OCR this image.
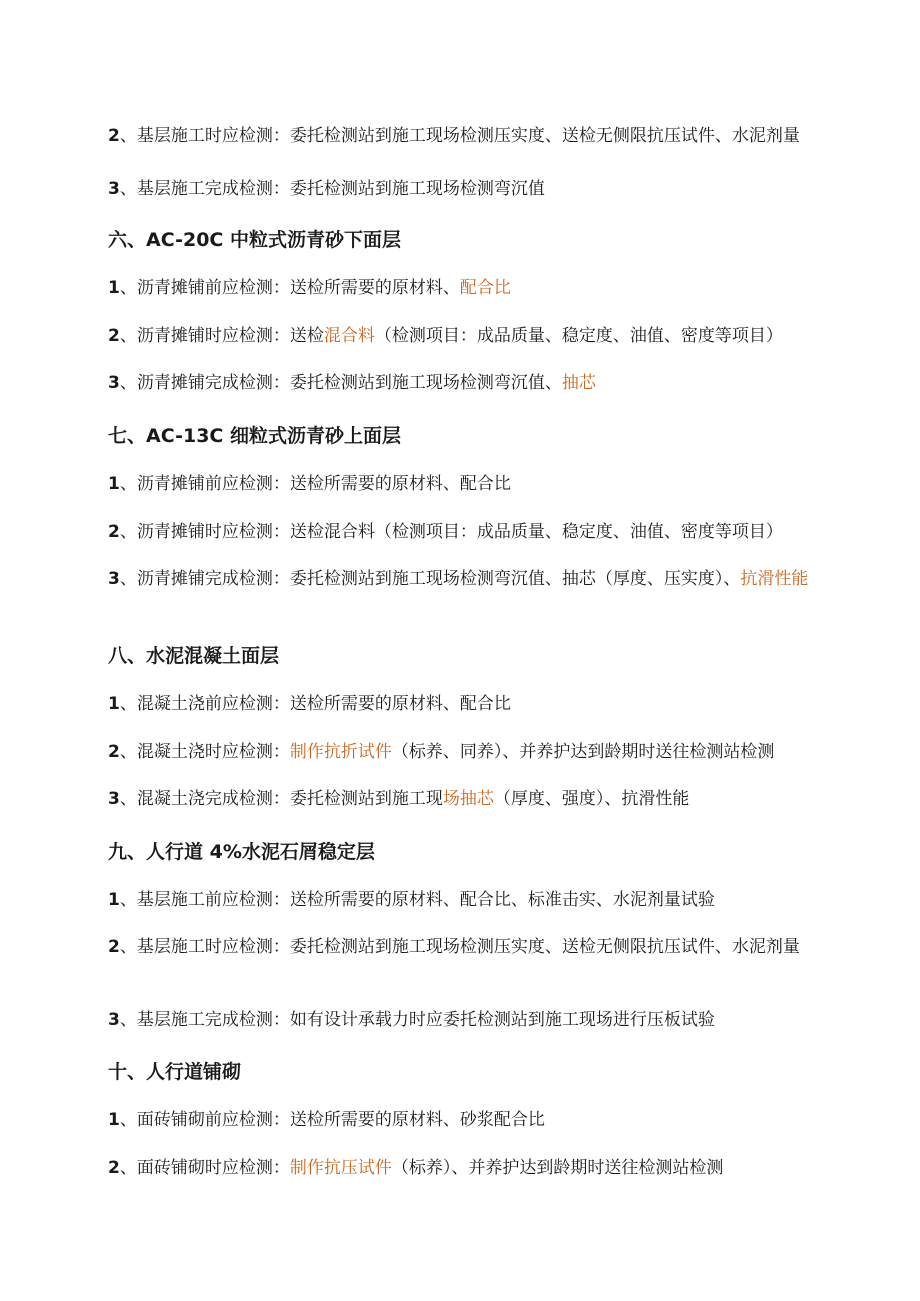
2、基层施工时应检测：委托检测站到施工现场检测压实度、送检无侧限抗压试件、水泥剂量
3、基层施工完成检测：委托检测站到施工现场检测弯沉值
六、AC-20C 中粒式沥青砂下面层
1、沥青摊铺前应检测：送检所需要的原材料、配合比
2、沥青摊铺时应检测：送检混合料（检测项目：成品质量、稳定度、油值、密度等项目）
3、沥青摊铺完成检测：委托检测站到施工现场检测弯沉值、抽芯
七、AC-13C 细粒式沥青砂上面层
1、沥青摊铺前应检测：送检所需要的原材料、配合比
2、沥青摊铺时应检测：送检混合料（检测项目：成品质量、稳定度、油值、密度等项目）
3、沥青摊铺完成检测：委托检测站到施工现场检测弯沉值、抽芯（厚度、压实度）、抗滑性能
八、水泥混凝土面层
1、混凝土浇前应检测：送检所需要的原材料、配合比
2、混凝土浇时应检测：制作抗折试件（标养、同养）、并养护达到龄期时送往检测站检测
3、混凝土浇完成检测：委托检测站到施工现场抽芯（厚度、强度）、抗滑性能
九、人行道 4%水泥石屑稳定层
1、基层施工前应检测：送检所需要的原材料、配合比、标准击实、水泥剂量试验
2、基层施工时应检测：委托检测站到施工现场检测压实度、送检无侧限抗压试件、水泥剂量
3、基层施工完成检测：如有设计承载力时应委托检测站到施工现场进行压板试验
十、人行道铺砌
1、面砖铺砌前应检测：送检所需要的原材料、砂浆配合比
2、面砖铺砌时应检测：制作抗压试件（标养）、并养护达到龄期时送往检测站检测
